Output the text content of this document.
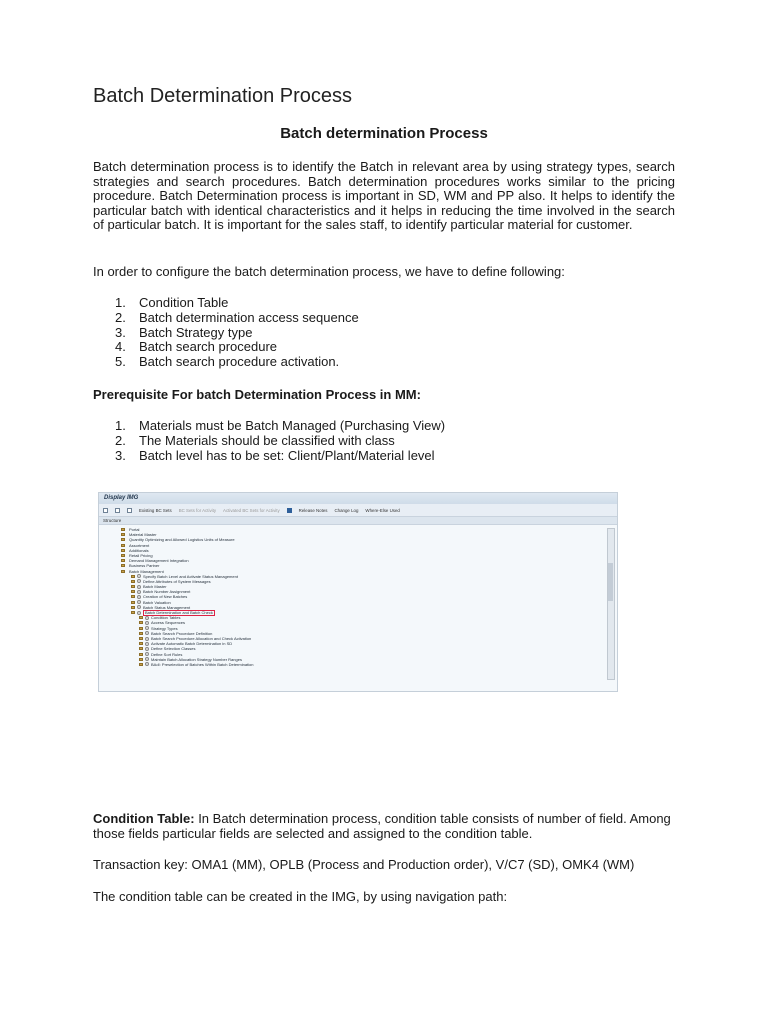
Batch Determination Process
Batch determination Process

Batch determination process is to identify the Batch in relevant area by using strategy types, search strategies and search procedures. Batch determination procedures works similar to the pricing procedure. Batch Determination process is important in SD, WM and PP also. It helps to identify the particular batch with identical characteristics and it helps in reducing the time involved in the search of particular batch. It is important for the sales staff, to identify particular material for customer.

In order to configure the batch determination process, we have to define following:

1. Condition Table
2. Batch determination access sequence
3. Batch Strategy type
4. Batch search procedure
5. Batch search procedure activation.

Prerequisite For batch Determination Process in MM:

1. Materials must be Batch Managed (Purchasing View)
2. The Materials should be classified with class
3. Batch level has to be set: Client/Plant/Material level

Condition Table: In Batch determination process, condition table consists of number of field. Among those fields particular fields are selected and assigned to the condition table.

Transaction key: OMA1 (MM), OPLB (Process and Production order), V/C7 (SD), OMK4 (WM)

The condition table can be created in the IMG, by using navigation path:

Display IMG
Existing BC Sets BC Sets for Activity Activated BC Sets for Activity	Release Notes Change Log Where-Else Used
Structure
Portal
Material Master
Quantity Optimizing and Allowed Logistics Units of Measure
Assortment
Additionals
Retail Pricing
Demand Management Integration
Business Partner
Batch Management
Specify Batch Level and Activate Status Management
Define Attributes of System Messages
Batch Master
Batch Number Assignment
Creation of New Batches
Batch Valuation
Batch Status Management
Batch Determination and Batch Check
Condition Tables
Access Sequences
Strategy Types
Batch Search Procedure Definition
Batch Search Procedure Allocation and Check Activation
Activate Automatic Batch Determination in SD
Define Selection Classes
Define Sort Rules
Maintain Batch Allocation Strategy Number Ranges
BAdI: Preselection of Batches Within Batch Determination
